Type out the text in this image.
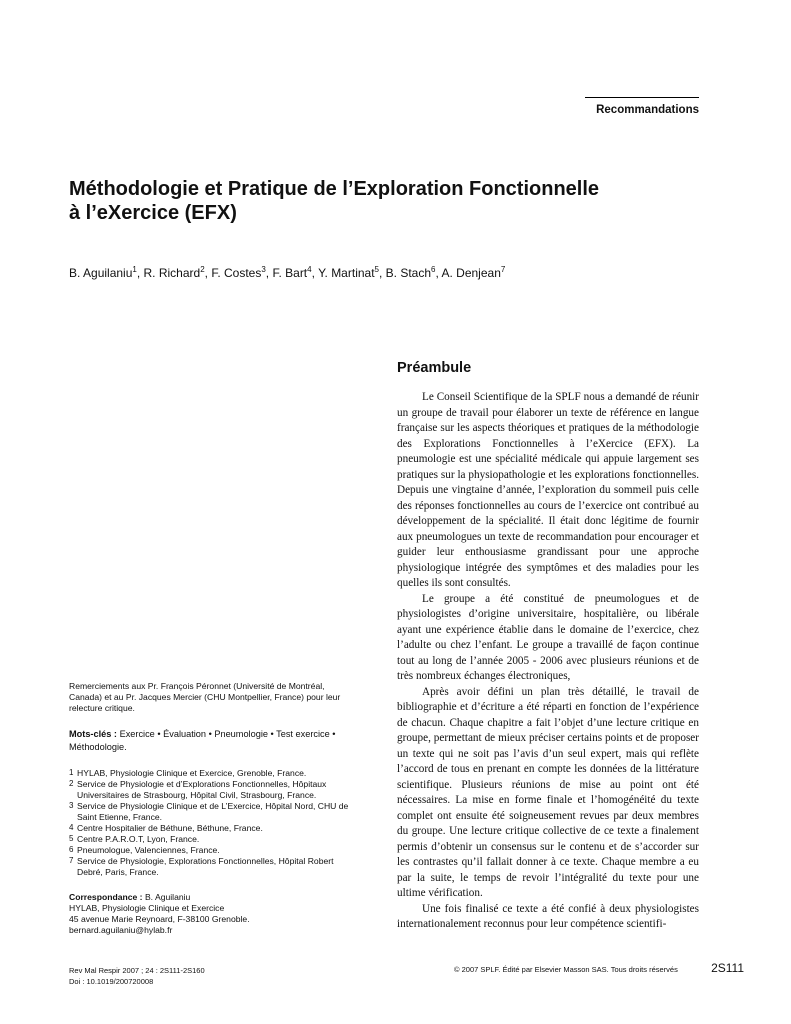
Recommandations
Méthodologie et Pratique de l’Exploration Fonctionnelle à l’eXercice (EFX)
B. Aguilaniu$^1$, R. Richard$^2$, F. Costes$^3$, F. Bart$^4$, Y. Martinat$^5$, B. Stach$^6$, A. Denjean$^7$

Remerciements aux Pr. François Péronnet (Université de Montréal, Canada) et au Pr. Jacques Mercier (CHU Montpellier, France) pour leur relecture critique.

Mots-clés : Exercice • Évaluation • Pneumologie • Test exercice • Méthodologie.

1 HYLAB, Physiologie Clinique et Exercice, Grenoble, France.
2 Service de Physiologie et d’Explorations Fonctionnelles, Hôpitaux Universitaires de Strasbourg, Hôpital Civil, Strasbourg, France.
3 Service de Physiologie Clinique et de L’Exercice, Hôpital Nord, CHU de Saint Etienne, France.
4 Centre Hospitalier de Béthune, Béthune, France.
5 Centre P.A.R.O.T, Lyon, France.
6 Pneumologue, Valenciennes, France.
7 Service de Physiologie, Explorations Fonctionnelles, Hôpital Robert Debré, Paris, France.
Correspondance : B. Aguilaniu
HYLAB, Physiologie Clinique et Exercice
45 avenue Marie Reynoard, F-38100 Grenoble.
bernard.aguilaniu@hylab.fr
Préambule

Le Conseil Scientifique de la SPLF nous a demandé de réunir un groupe de travail pour élaborer un texte de référence en langue française sur les aspects théoriques et pratiques de la méthodologie des Explorations Fonctionnelles à l’eXercice (EFX). La pneumologie est une spécialité médicale qui appuie largement ses pratiques sur la physiopathologie et les explorations fonctionnelles. Depuis une vingtaine d’année, l’exploration du sommeil puis celle des réponses fonctionnelles au cours de l’exercice ont contribué au développement de la spécialité. Il était donc légitime de fournir aux pneumologues un texte de recommandation pour encourager et guider leur enthousiasme grandissant pour une approche physiologique intégrée des symptômes et des maladies pour les quelles ils sont consultés.

Le groupe a été constitué de pneumologues et de physiologistes d’origine universitaire, hospitalière, ou libérale ayant une expérience établie dans le domaine de l’exercice, chez l’adulte ou chez l’enfant. Le groupe a travaillé de façon continue tout au long de l’année 2005 - 2006 avec plusieurs réunions et de très nombreux échanges électroniques,

Après avoir défini un plan très détaillé, le travail de bibliographie et d’écriture a été réparti en fonction de l’expérience de chacun. Chaque chapitre a fait l’objet d’une lecture critique en groupe, permettant de mieux préciser certains points et de proposer un texte qui ne soit pas l’avis d’un seul expert, mais qui reflète l’accord de tous en prenant en compte les données de la littérature scientifique. Plusieurs réunions de mise au point ont été nécessaires. La mise en forme finale et l’homogénéité du texte complet ont ensuite été soigneusement revues par deux membres du groupe. Une lecture critique collective de ce texte a finalement permis d’obtenir un consensus sur le contenu et de s’accorder sur les contrastes qu’il fallait donner à ce texte. Chaque membre a eu par la suite, le temps de revoir l’intégralité du texte pour une ultime vérification.

Une fois finalisé ce texte a été confié à deux physiologistes internationalement reconnus pour leur compétence scientifi-

Rev Mal Respir 2007 ; 24 : 2S111-2S160
Doi : 10.1019/200720008
© 2007 SPLF. Édité par Elsevier Masson SAS. Tous droits réservés	2S111
